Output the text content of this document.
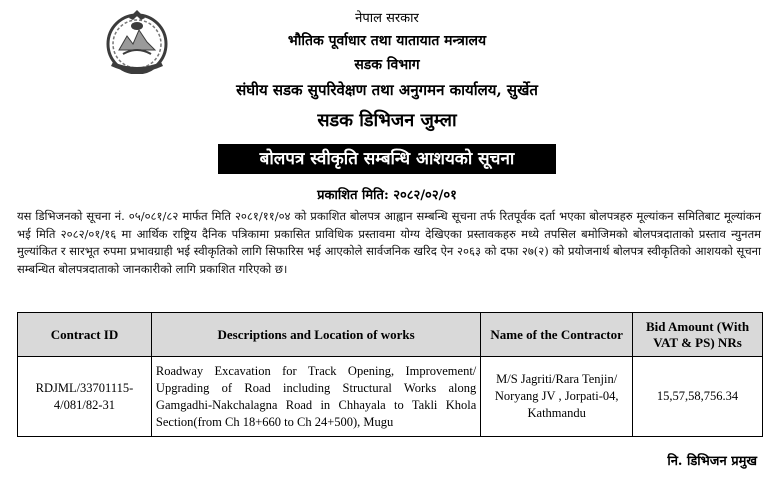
नेपाल सरकार
भौतिक पूर्वाधार तथा यातायात मन्त्रालय
सडक विभाग
संघीय सडक सुपरिवेक्षण तथा अनुगमन कार्यालय, सुर्खेत
सडक डिभिजन जुम्ला
बोलपत्र स्वीकृति सम्बन्धि आशयको सूचना
प्रकाशित मिति: २०८२/०२/०१

यस डिभिजनको सूचना नं. ०५/०८१/८२ मार्फत मिति २०८१/११/०४ को प्रकाशित बोलपत्र आह्वान सम्बन्धि सूचना तर्फ रितपूर्वक दर्ता भएका बोलपत्रहरु मूल्यांकन समितिबाट मूल्यांकन भई मिति २०८२/०१/१६ मा आर्थिक राष्ट्रिय दैनिक पत्रिकामा प्रकासित प्राविधिक प्रस्तावमा योग्य देखिएका प्रस्तावकहरु मध्ये तपसिल बमोजिमको बोलपत्रदाताको प्रस्ताव न्युनतम मुल्यांकित र सारभूत रुपमा प्रभावग्राही भई स्वीकृतिको लागि सिफारिस भई आएकोले सार्वजनिक खरिद ऐन २०६३ को दफा २७(२) को प्रयोजनार्थ बोलपत्र स्वीकृतिको आशयको सूचना सम्बन्धित बोलपत्रदाताको जानकारीको लागि प्रकाशित गरिएको छ।

Contract ID	Descriptions and Location of works	Name of the Contractor	Bid Amount (With VAT & PS) NRs
RDJML/33701115-4/081/82-31	Roadway Excavation for Track Opening, Improvement/ Upgrading of Road including Structural Works along Gamgadhi-Nakchalagna Road in Chhayala to Takli Khola Section(from Ch 18+660 to Ch 24+500), Mugu	M/S Jagriti/Rara Tenjin/ Noryang JV , Jorpati-04, Kathmandu	15,57,58,756.34
नि. डिभिजन प्रमुख
